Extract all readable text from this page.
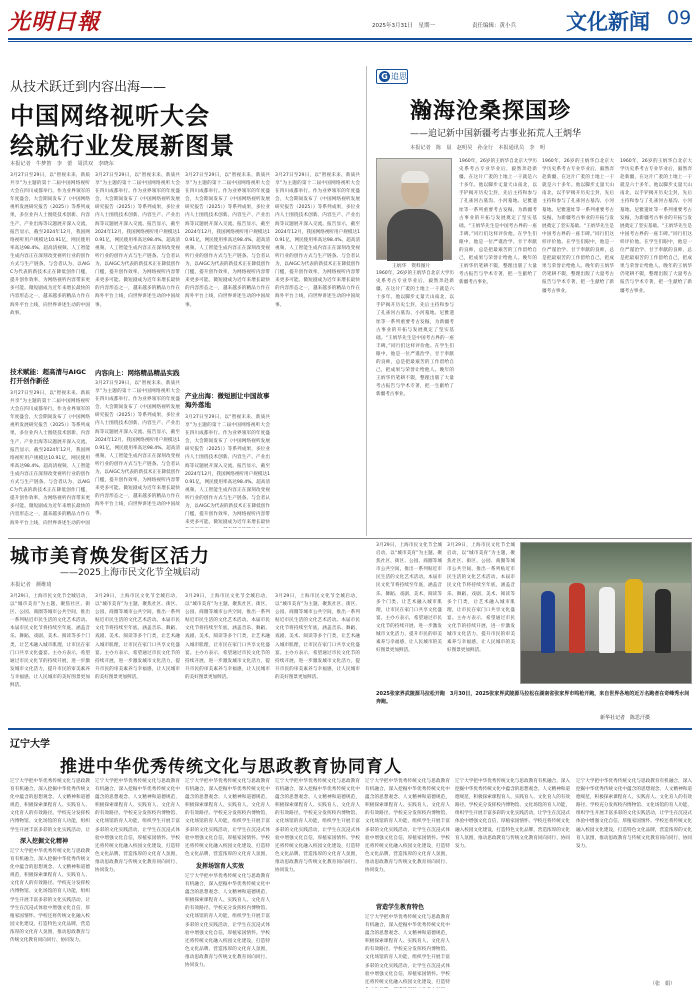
光明日報	2025年3月31日　星期一	责任编辑：黄小兵 文化新闻 09
从技术跃迁到内容出海——
中国网络视听大会
绘就行业发展新图景
本报记者　牛梦笛　李　蕾　周洪双　李晓东
3月27日至29日，以“智视未来、新质共享”为主题的第十二届中国网络视听大会在四川成都举行。作为业界领军的年度盛会，大会期间发布了《中国网络视听发展研究报告（2025）》等系列成果，多位业内人士围绕技术创新、内容生产、产业出海等议题展开深入交流。报告显示，截至2024年12月，我国网络视听用户规模达10.91亿，网民使用率高达98.4%。超高清视频、人工智能生成内容正在深刻改变视听行业的创作方式与生产链条。与会者认为，以AIGC为代表的新技术正在降低创作门槛，提升创作效率，为网络视听内容带来更多可能。微短剧成为近年来增长最快的内容形态之一，越来越多的精品力作在海外平台上线，向世界讲述生动的中国故事。
技术赋能：超高清与AIGC打开创作新径
3月27日至29日，以“智视未来、新质共享”为主题的第十二届中国网络视听大会在四川成都举行。作为业界领军的年度盛会，大会期间发布了《中国网络视听发展研究报告（2025）》等系列成果，多位业内人士围绕技术创新、内容生产、产业出海等议题展开深入交流。报告显示，截至2024年12月，我国网络视听用户规模达10.91亿，网民使用率高达98.4%。超高清视频、人工智能生成内容正在深刻改变视听行业的创作方式与生产链条。与会者认为，以AIGC为代表的新技术正在降低创作门槛，提升创作效率，为网络视听内容带来更多可能。微短剧成为近年来增长最快的内容形态之一，越来越多的精品力作在海外平台上线，向世界讲述生动的中国
3月27日至29日，以“智视未来、新质共享”为主题的第十二届中国网络视听大会在四川成都举行。作为业界领军的年度盛会，大会期间发布了《中国网络视听发展研究报告（2025）》等系列成果，多位业内人士围绕技术创新、内容生产、产业出海等议题展开深入交流。报告显示，截至2024年12月，我国网络视听用户规模达10.91亿，网民使用率高达98.4%。超高清视频、人工智能生成内容正在深刻改变视听行业的创作方式与生产链条。与会者认为，以AIGC为代表的新技术正在降低创作门槛，提升创作效率，为网络视听内容带来更多可能。微短剧成为近年来增长最快的内容形态之一，越来越多的精品力作在海外平台上线，向世界讲述生动的中国故事。
内容向上：网络精品精品实践
3月27日至29日，以“智视未来、新质共享”为主题的第十二届中国网络视听大会在四川成都举行。作为业界领军的年度盛会，大会期间发布了《中国网络视听发展研究报告（2025）》等系列成果，多位业内人士围绕技术创新、内容生产、产业出海等议题展开深入交流。报告显示，截至2024年12月，我国网络视听用户规模达10.91亿，网民使用率高达98.4%。超高清视频、人工智能生成内容正在深刻改变视听行业的创作方式与生产链条。与会者认为，以AIGC为代表的新技术正在降低创作门槛，提升创作效率，为网络视听内容带来更多可能。微短剧成为近年来增长最快的内容形态之一，越来越多的精品力作在海外平台上线，向世界讲述生动的中国故事。
3月27日至29日，以“智视未来、新质共享”为主题的第十二届中国网络视听大会在四川成都举行。作为业界领军的年度盛会，大会期间发布了《中国网络视听发展研究报告（2025）》等系列成果，多位业内人士围绕技术创新、内容生产、产业出海等议题展开深入交流。报告显示，截至2024年12月，我国网络视听用户规模达10.91亿，网民使用率高达98.4%。超高清视频、人工智能生成内容正在深刻改变视听行业的创作方式与生产链条。与会者认为，以AIGC为代表的新技术正在降低创作门槛，提升创作效率，为网络视听内容带来更多可能。微短剧成为近年来增长最快的内容形态之一，越来越多的精品力作在海外平台上线，向世界讲述生动的中国故事。
产业出海：微短剧让中国故事海外落地
3月27日至29日，以“智视未来、新质共享”为主题的第十二届中国网络视听大会在四川成都举行。作为业界领军的年度盛会，大会期间发布了《中国网络视听发展研究报告（2025）》等系列成果，多位业内人士围绕技术创新、内容生产、产业出海等议题展开深入交流。报告显示，截至2024年12月，我国网络视听用户规模达10.91亿，网民使用率高达98.4%。超高清视频、人工智能生成内容正在深刻改变视听行业的创作方式与生产链条。与会者认为，以AIGC为代表的新技术正在降低创作门槛，提升创作效率，为网络视听内容带来更多可能。微短剧成为近年来增长最快
3月27日至29日，以“智视未来、新质共享”为主题的第十二届中国网络视听大会在四川成都举行。作为业界领军的年度盛会，大会期间发布了《中国网络视听发展研究报告（2025）》等系列成果，多位业内人士围绕技术创新、内容生产、产业出海等议题展开深入交流。报告显示，截至2024年12月，我国网络视听用户规模达10.91亿，网民使用率高达98.4%。超高清视频、人工智能生成内容正在深刻改变视听行业的创作方式与生产链条。与会者认为，以AIGC为代表的新技术正在降低创作门槛，提升创作效率，为网络视听内容带来更多可能。微短剧成为近年来增长最快的内容形态之一，越来越多的精品力作在海外平台上线，向世界讲述生动的中国故事。
G 追思
瀚海沧桑探国珍
——追记新中国新疆考古事业拓荒人王炳华
本报记者　陈　晨　赵明昊　孙金行　本报通讯员　李　明
王炳华　资料图片
1960年，26岁的王炳华自北京大学历史系考古专业毕业后，毅然奔赴新疆，在这片广袤的土地上一干就是六十多年。他以脚步丈量天山南北，以手铲揭开历史尘封，先后主持和参与了孔雀河古墓沟、小河墓地、尼雅遗址等一系列重要考古发掘，为新疆考古事业的开拓与发展奠定了坚实基础。“王炳华先生是中国考古界的一座丰碑。”同行们这样评价他。在学生们眼中，他是一位严谨治学、甘于奉献的良师，总是把最艰苦的工作留给自己，把成果与荣誉让给他人。晚年的王炳华仍笔耕不辍，整理出版了大量考古报告与学术专著，把一生献给了新疆考古事业。
1960年，26岁的王炳华自北京大学历史系考古专业毕业后，毅然奔赴新疆，在这片广袤的土地上一干就是六十多年。他以脚步丈量天山南北，以手铲揭开历史尘封，先后主持和参与了孔雀河古墓沟、小河墓地、尼雅遗址等一系列重要考古发掘，为新疆考古事业的开拓与发展奠定了坚实基础。“王炳华先生是中国考古界的一座丰碑。”同行们这样评价他。在学生们眼中，他是一位严谨治学、甘于奉献的良师，总是把最艰苦的工作留给自己，把成果与荣誉让给他人。晚年的王炳华仍笔耕不辍，整理出版了大量考古报告与学术专著，把一生献给了新疆考古事业。
1960年，26岁的王炳华自北京大学历史系考古专业毕业后，毅然奔赴新疆，在这片广袤的土地上一干就是六十多年。他以脚步丈量天山南北，以手铲揭开历史尘封，先后主持和参与了孔雀河古墓沟、小河墓地、尼雅遗址等一系列重要考古发掘，为新疆考古事业的开拓与发展奠定了坚实基础。“王炳华先生是中国考古界的一座丰碑。”同行们这样评价他。在学生们眼中，他是一位严谨治学、甘于奉献的良师，总是把最艰苦的工作留给自己，把成果与荣誉让给他人。晚年的王炳华仍笔耕不辍，整理出版了大量考古报告与学术专著，把一生献给了新疆考古事业。
1960年，26岁的王炳华自北京大学历史系考古专业毕业后，毅然奔赴新疆，在这片广袤的土地上一干就是六十多年。他以脚步丈量天山南北，以手铲揭开历史尘封，先后主持和参与了孔雀河古墓沟、小河墓地、尼雅遗址等一系列重要考古发掘，为新疆考古事业的开拓与发展奠定了坚实基础。“王炳华先生是中国考古界的一座丰碑。”同行们这样评价他。在学生们眼中，他是一位严谨治学、甘于奉献的良师，总是把最艰苦的工作留给自己，把成果与荣誉让给他人。晚年的王炳华仍笔耕不辍，整理出版了大量考古报告与学术专著，把一生献给了新疆考古事业。
城市美育焕发街区活力
——2025上海市民文化节全城启动
本报记者　颜维琦
3月29日，上海市民文化节全城启动，以“城市美育”为主题，聚焦社区、街区、公园、商圈等城市公共空间，推出一系列贴近市民生活的文化艺术活动。本届市民文化节将持续至年底，涵盖音乐、舞蹈、戏剧、美术、阅读等多个门类，让艺术融入城市肌理，让市民在家门口共享文化盛宴。主办方表示，希望通过市民文化节的持续开展，进一步激发城市文化活力，提升市民的审美素养与幸福感，让人民城市的美好图景更加鲜活。
3月29日，上海市民文化节全城启动，以“城市美育”为主题，聚焦社区、街区、公园、商圈等城市公共空间，推出一系列贴近市民生活的文化艺术活动。本届市民文化节将持续至年底，涵盖音乐、舞蹈、戏剧、美术、阅读等多个门类，让艺术融入城市肌理，让市民在家门口共享文化盛宴。主办方表示，希望通过市民文化节的持续开展，进一步激发城市文化活力，提升市民的审美素养与幸福感，让人民城市的美好图景更加鲜活。
3月29日，上海市民文化节全城启动，以“城市美育”为主题，聚焦社区、街区、公园、商圈等城市公共空间，推出一系列贴近市民生活的文化艺术活动。本届市民文化节将持续至年底，涵盖音乐、舞蹈、戏剧、美术、阅读等多个门类，让艺术融入城市肌理，让市民在家门口共享文化盛宴。主办方表示，希望通过市民文化节的持续开展，进一步激发城市文化活力，提升市民的审美素养与幸福感，让人民城市的美好图景更加鲜活。
3月29日，上海市民文化节全城启动，以“城市美育”为主题，聚焦社区、街区、公园、商圈等城市公共空间，推出一系列贴近市民生活的文化艺术活动。本届市民文化节将持续至年底，涵盖音乐、舞蹈、戏剧、美术、阅读等多个门类，让艺术融入城市肌理，让市民在家门口共享文化盛宴。主办方表示，希望通过市民文化节的持续开展，进一步激发城市文化活力，提升市民的审美素养与幸福感，让人民城市的美好图景更加鲜活。
2025张家界武陵源马拉松开跑　3月30日，2025张家界武陵源马拉松在湖南省张家界市鸣枪开跑，来自世界各地的近万名跑者在奇峰秀水间奔跑。
新华社记者　陈思汗摄
3月29日，上海市民文化节全城启动，以“城市美育”为主题，聚焦社区、街区、公园、商圈等城市公共空间，推出一系列贴近市民生活的文化艺术活动。本届市民文化节将持续至年底，涵盖音乐、舞蹈、戏剧、美术、阅读等多个门类，让艺术融入城市肌理，让市民在家门口共享文化盛宴。主办方表示，希望通过市民文化节的持续开展，进一步激发城市文化活力，提升市民的审美素养与幸福感，让人民城市的美好图景更加鲜活。
3月29日，上海市民文化节全城启动，以“城市美育”为主题，聚焦社区、街区、公园、商圈等城市公共空间，推出一系列贴近市民生活的文化艺术活动。本届市民文化节将持续至年底，涵盖音乐、舞蹈、戏剧、美术、阅读等多个门类，让艺术融入城市肌理，让市民在家门口共享文化盛宴。主办方表示，希望通过市民文化节的持续开展，进一步激发城市文化活力，提升市民的审美素养与幸福感，让人民城市的美好图景更加鲜活。
辽宁大学
推进中华优秀传统文化与思政教育协同育人
辽宁大学把中华优秀传统文化与思政教育有机融合，深入挖掘中华优秀传统文化中蕴含的思想观念、人文精神和道德规范，积极探索课程育人、实践育人、文化育人的有效路径。学校充分发挥校内博物馆、文化场馆的育人功能，组织学生开展丰富多彩的文化实践活动，让
深入挖掘文化精神
辽宁大学把中华优秀传统文化与思政教育有机融合，深入挖掘中华优秀传统文化中蕴含的思想观念、人文精神和道德规范，积极探索课程育人、实践育人、文化育人的有效路径。学校充分发挥校内博物馆、文化场馆的育人功能，组织学生开展丰富多彩的文化实践活动，让学生在沉浸式体验中增强文化自信，厚植家国情怀。学校还将传统文化融入校园文化建设，打造特色文化品牌，营造浓厚的文化育人氛围，推动思政教育与传统文化教育同向同行、协同发力。
辽宁大学把中华优秀传统文化与思政教育有机融合，深入挖掘中华优秀传统文化中蕴含的思想观念、人文精神和道德规范，积极探索课程育人、实践育人、文化育人的有效路径。学校充分发挥校内博物馆、文化场馆的育人功能，组织学生开展丰富多彩的文化实践活动，让学生在沉浸式体验中增强文化自信，厚植家国情怀。学校还将传统文化融入校园文化建设，打造特色文化品牌，营造浓厚的文化育人氛围，推动思政教育与传统文化教育同向同行、协同发力。
辽宁大学把中华优秀传统文化与思政教育有机融合，深入挖掘中华优秀传统文化中蕴含的思想观念、人文精神和道德规范，积极探索课程育人、实践育人、文化育人的有效路径。学校充分发挥校内博物馆、文化场馆的育人功能，组织学生开展丰富多彩的文化实践活动，让学生在沉浸式体验中增强文化自信，厚植家国情怀。学校还将传统文化融入校园文化建设，打造特色文化品牌，营造浓厚的文化育人氛围，
发挥场馆育人实效
辽宁大学把中华优秀传统文化与思政教育有机融合，深入挖掘中华优秀传统文化中蕴含的思想观念、人文精神和道德规范，积极探索课程育人、实践育人、文化育人的有效路径。学校充分发挥校内博物馆、文化场馆的育人功能，组织学生开展丰富多彩的文化实践活动，让学生在沉浸式体验中增强文化自信，厚植家国情怀。学校还将传统文化融入校园文化建设，打造特色文化品牌，营造浓厚的文化育人氛围，推动思政教育与传统文化教育同向同行、协同发力。
辽宁大学把中华优秀传统文化与思政教育有机融合，深入挖掘中华优秀传统文化中蕴含的思想观念、人文精神和道德规范，积极探索课程育人、实践育人、文化育人的有效路径。学校充分发挥校内博物馆、文化场馆的育人功能，组织学生开展丰富多彩的文化实践活动，让学生在沉浸式体验中增强文化自信，厚植家国情怀。学校还将传统文化融入校园文化建设，打造特色文化品牌，营造浓厚的文化育人氛围，推动思政教育与传统文化教育同向同行、协同发力。
辽宁大学把中华优秀传统文化与思政教育有机融合，深入挖掘中华优秀传统文化中蕴含的思想观念、人文精神和道德规范，积极探索课程育人、实践育人、文化育人的有效路径。学校充分发挥校内博物馆、文化场馆的育人功能，组织学生开展丰富多彩的文化实践活动，让学生在沉浸式体验中增强文化自信，厚植家国情怀。学校还将传统文化融入校园文化建设，打造特色文化品牌，营造浓厚的文化育人氛围，推动思政教育与传统文化教育同向同行、协同发力。
营造学生教育特色
辽宁大学把中华优秀传统文化与思政教育有机融合，深入挖掘中华优秀传统文化中蕴含的思想观念、人文精神和道德规范，积极探索课程育人、实践育人、文化育人的有效路径。学校充分发挥校内博物馆、文化场馆的育人功能，组织学生开展丰富多彩的文化实践活动，让学生在沉浸式体验中增强文化自信，厚植家国情怀。学校还将传统文化融入校园文化建设，打造特
辽宁大学把中华优秀传统文化与思政教育有机融合，深入挖掘中华优秀传统文化中蕴含的思想观念、人文精神和道德规范，积极探索课程育人、实践育人、文化育人的有效路径。学校充分发挥校内博物馆、文化场馆的育人功能，组织学生开展丰富多彩的文化实践活动，让学生在沉浸式体验中增强文化自信，厚植家国情怀。学校还将传统文化融入校园文化建设，打造特色文化品牌，营造浓厚的文化育人氛围，推动思政教育与传统文化教育同向同行、协同发力。
辽宁大学把中华优秀传统文化与思政教育有机融合，深入挖掘中华优秀传统文化中蕴含的思想观念、人文精神和道德规范，积极探索课程育人、实践育人、文化育人的有效路径。学校充分发挥校内博物馆、文化场馆的育人功能，组织学生开展丰富多彩的文化实践活动，让学生在沉浸式体验中增强文化自信，厚植家国情怀。学校还将传统文化融入校园文化建设，打造特色文化品牌，营造浓厚的文化育人氛围，推动思政教育与传统文化教育同向同行、协同发力。
（张　娟）
